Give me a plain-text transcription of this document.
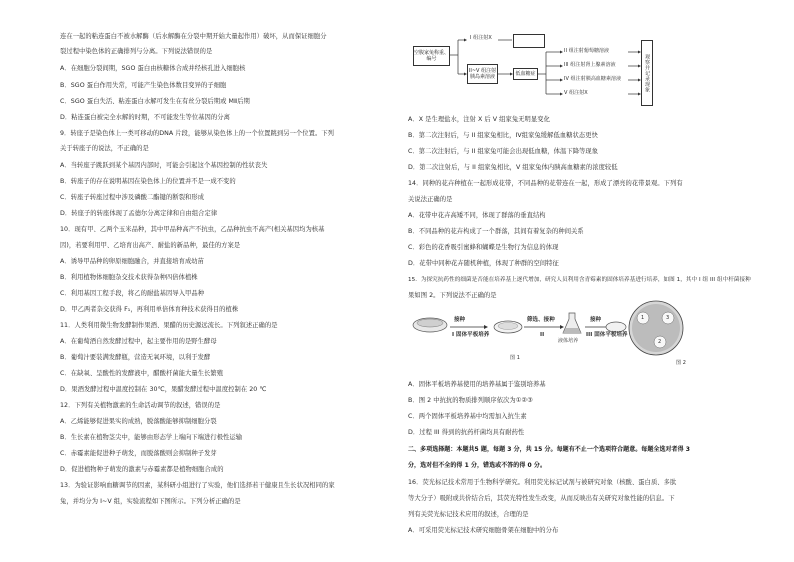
连在一起的粘连蛋白不被水解酶（后水解酶在分裂中期开始大量起作用）破坏，从而保证细胞分
裂过程中染色体的正确排列与分离。下列说法错误的是
A．在细胞分裂间期，SGO 蛋白由核糖体合成并经核孔进入细胞核
B．SGO 蛋白作用失常，可能产生染色体数目变异的子细胞
C．SGO 蛋白失活、粘连蛋白水解可发生在有丝分裂后期或 MⅡ后期
D．粘连蛋白被完全水解的时期，不可能发生等位基因的分离
9．转座子是染色体上一类可移动的DNA 片段，能够从染色体上的一个位置跳到另一个位置。下列
关于转座子的说法，不正确的是
A．当转座子跳跃到某个基因内部时，可能会引起这个基因控制的性状丧失
B．转座子的存在说明基因在染色体上的位置并不是一成不变的
C．转座子转座过程中涉及磷酸二酯键的断裂和形成
D．转座子的转座体现了孟德尔分离定律和自由组合定律
10．现有甲、乙两个玉米品种，其中甲品种高产不抗虫，乙品种抗虫不高产(相关基因均为核基
因)，若要利用甲、乙培育出高产、耐盐的新品种，最佳的方案是
A．诱导甲品种的卵原细胞融合，并直接培育成幼苗
B．利用植物体细胞杂交技术获得杂种四倍体植株
C．利用基因工程手段，将乙的耐盐基因导入甲品种
D．甲乙两者杂交获得 F₁，再利用单倍体育种技术获得目的植株
11．人类利用微生物发酵制作果酒、果醋的历史源远流长。下列叙述正确的是
A．在葡萄酒自然发酵过程中，起主要作用的是野生酵母
B．葡萄汁要装满发酵瓶，营造无氧环境，以利于发酵
C．在缺氧、呈酸性的发酵液中，醋酸杆菌能大量生长繁殖
D．果酒发酵过程中温度控制在 30℃，果醋发酵过程中温度控制在 20 ℃
12．下列有关植物激素的生命活动调节的叙述，错误的是
A．乙烯能够促进果实的成熟，脱落酸能够抑制细胞分裂
B．生长素在植物茎尖中，能够由形态学上端向下端进行极性运输
C．赤霉素能促进种子萌发，而脱落酸则会抑制种子发芽
D．促进植物种子萌发的激素与赤霉素都是植物细胞合成的
13．为验证影响血糖调节的因素，某科研小组进行了实验，他们选择若干健康且生长状况相同的家
兔，并均分为 I~V 组，实验流程如下图所示。下列分析正确的是
空腹家兔称重、编号
I 组注射X
II~V 组注射胰岛素溶液	低血糖症
II 组注射葡萄糖溶液
III 组注射肾上腺素溶液
IV 组注射胰高血糖素溶液
V 组注射X
观察并记录现象
A．X 是生理盐水，注射 X 后 V 组家兔无明显变化
B．第二次注射后，与 II 组家兔相比，IV组家兔缓解低血糖状态更快
C．第二次注射后，与 II 组家兔可能会出现低血糖，体温下降等现象
D．第二次注射后，与 II 组家兔相比，V 组家兔体内胰高血糖素的浓度较低
14．同种的花卉种植在一起形成花带，不同品种的花带连在一起，形成了漂亮的花带景观。下列有
关说法正确的是
A．花带中花卉高矮不同，体现了群落的垂直结构
B．不同品种的花卉构成了一个群落，其间有着复杂的种间关系
C．彩色的花香吸引蜜蜂和蝴蝶是生物行为信息的体现
D．花带中同种花卉随机种植，体现了种群的空间特征
15．为探究抗药性的细菌是否能在培养基上逐代增加，研究人员利用含青霉素的固体培养基进行培养，如图 1，其中 I 组 III 组中杆菌接种
果如图 2。下列说法不正确的是
A．固体平板培养基使用的培养基属于鉴别培养基
B．图 2 中抗抗的物质排列顺序依次为①②③
C．两个固体平板培养基中均需加入抗生素
D．过程 III 得到的抗药杆菌均具有耐药性
二、多项选择题：本题共5 题，每题 3 分，共 15 分。每题有不止一个选项符合题意。每题全选对者得 3
分，选对但不全的得 1 分，错选或不答的得 0 分。
16．荧光标记技术常用于生物科学研究。利用荧光标记试剂与被研究对象（核酸、蛋白质、多肽
等大分子）吸附或共价结合后，其荧光特性发生改变，从而反映出有关研究对象性能的信息。下
列有关荧光标记技术应用的叙述，合理的是
A．可采用荧光标记技术研究细胞骨架在细胞中的分布
接种	筛选、接种	接种
I 固体平板培养	II
液体培养
III 固体平板培养
图 1
图 2
1	3
2
